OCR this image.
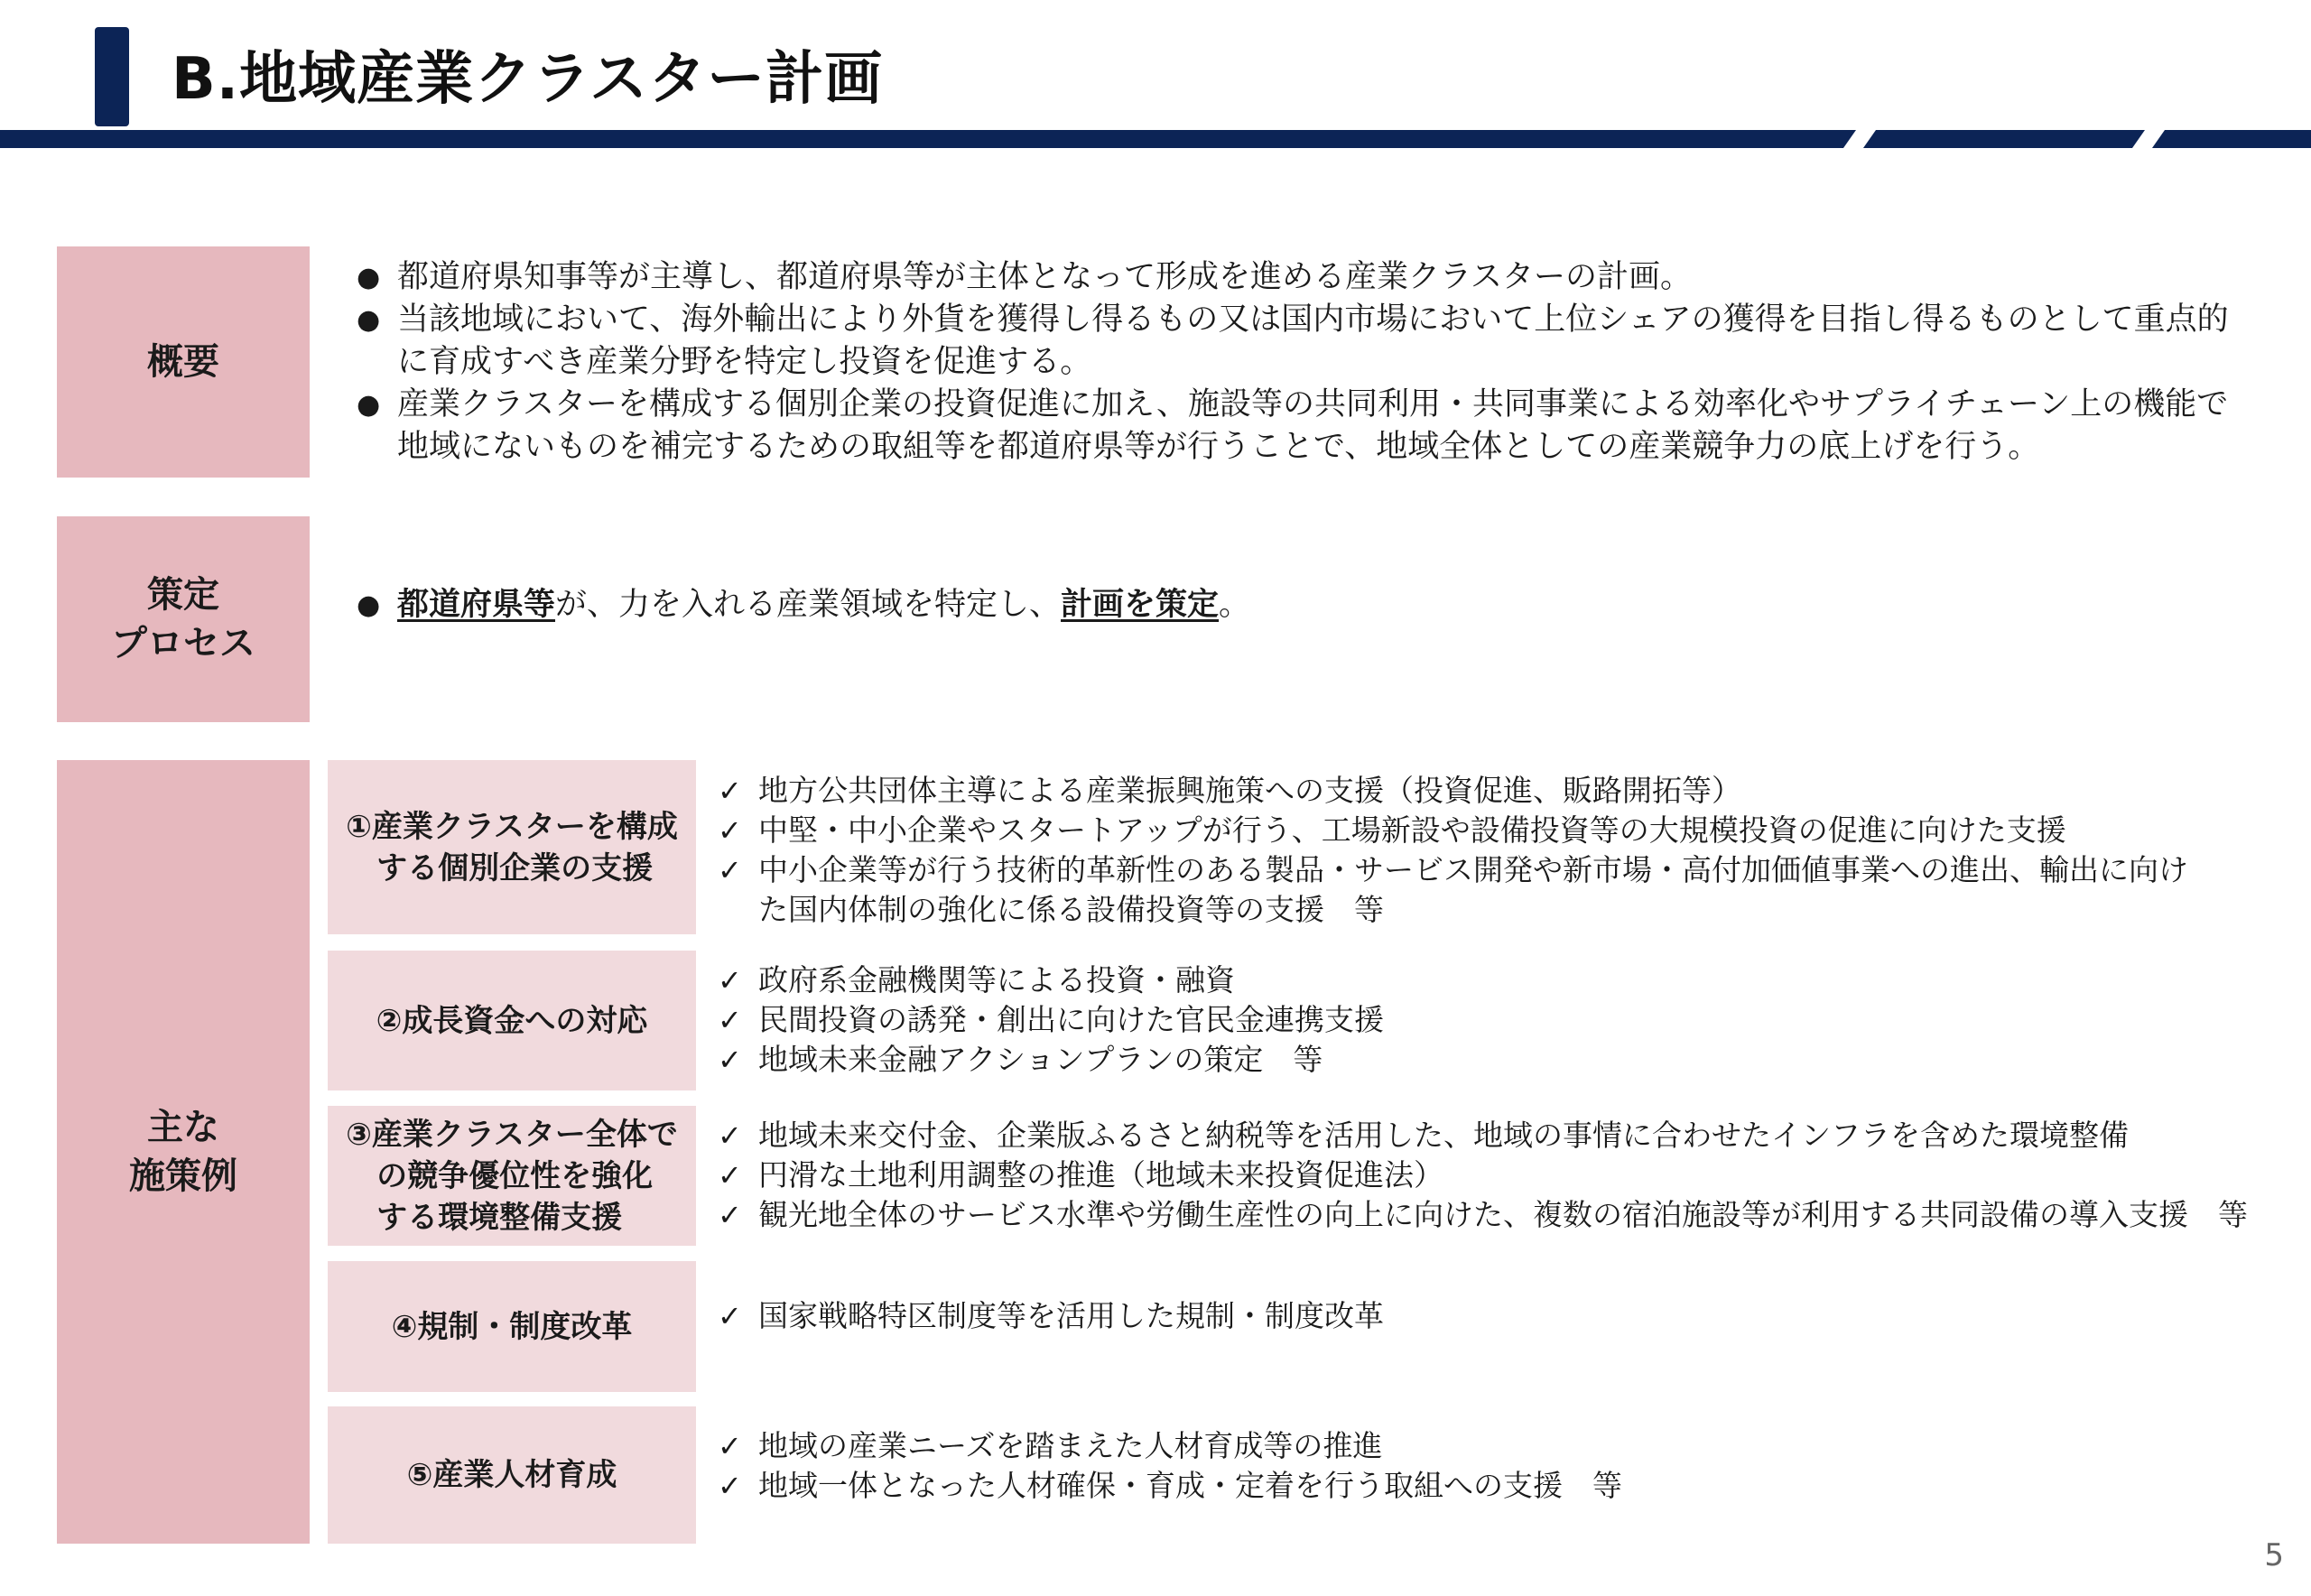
B.地域産業クラスター計画
概要
● 都道府県知事等が主導し、都道府県等が主体となって形成を進める産業クラスターの計画。
● 当該地域において、海外輸出により外貨を獲得し得るもの又は国内市場において上位シェアの獲得を目指し得るものとして重点的に育成すべき産業分野を特定し投資を促進する。
● 産業クラスターを構成する個別企業の投資促進に加え、施設等の共同利用・共同事業による効率化やサプライチェーン上の機能で地域にないものを補完するための取組等を都道府県等が行うことで、地域全体としての産業競争力の底上げを行う。
策定
プロセス
● 都道府県等が、力を入れる産業領域を特定し、計画を策定。
主な
施策例
①産業クラスターを構成
　する個別企業の支援
✓ 地方公共団体主導による産業振興施策への支援（投資促進、販路開拓等）
✓ 中堅・中小企業やスタートアップが行う、工場新設や設備投資等の大規模投資の促進に向けた支援
✓ 中小企業等が行う技術的革新性のある製品・サービス開発や新市場・高付加価値事業への進出、輸出に向けた国内体制の強化に係る設備投資等の支援　等
②成長資金への対応
✓ 政府系金融機関等による投資・融資
✓ 民間投資の誘発・創出に向けた官民金連携支援
✓ 地域未来金融アクションプランの策定　等
③産業クラスター全体で
　の競争優位性を強化
　する環境整備支援
✓ 地域未来交付金、企業版ふるさと納税等を活用した、地域の事情に合わせたインフラを含めた環境整備
✓ 円滑な土地利用調整の推進（地域未来投資促進法）
✓ 観光地全体のサービス水準や労働生産性の向上に向けた、複数の宿泊施設等が利用する共同設備の導入支援　等
④規制・制度改革
✓	国家戦略特区制度等を活用した規制・制度改革
⑤産業人材育成
✓ 地域の産業ニーズを踏まえた人材育成等の推進
✓ 地域一体となった人材確保・育成・定着を行う取組への支援　等
5
